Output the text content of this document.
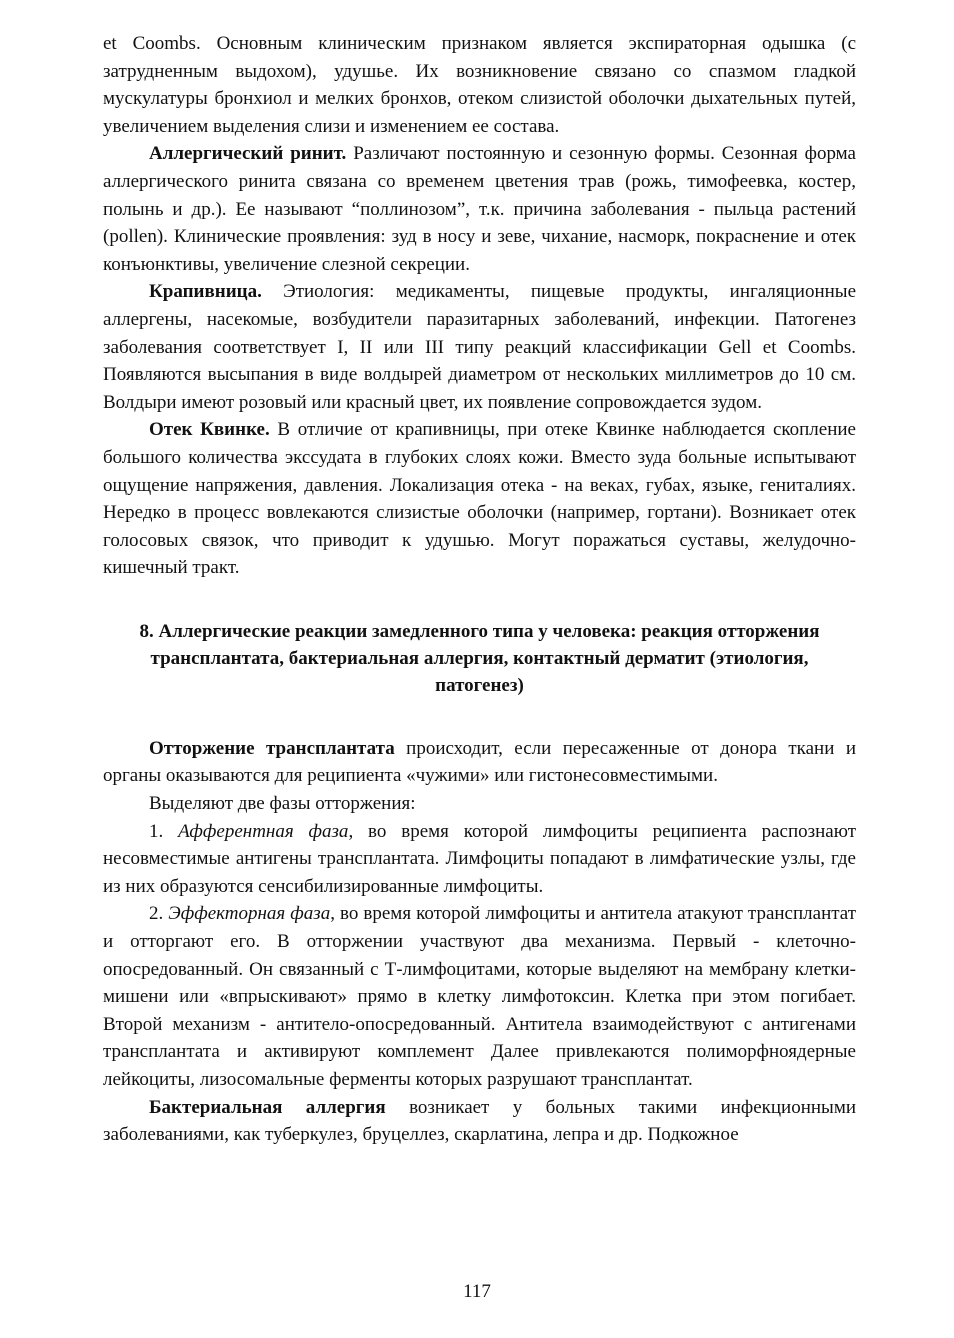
et Coombs. Основным клиническим признаком является экспираторная одышка (с затрудненным выдохом), удушье. Их возникновение связано со спазмом гладкой мускулатуры бронхиол и мелких бронхов, отеком слизистой оболочки дыхательных путей, увеличением выделения слизи и изменением ее состава.

Аллергический ринит. Различают постоянную и сезонную формы. Сезонная форма аллергического ринита связана со временем цветения трав (рожь, тимофеевка, костер, полынь и др.). Ее называют “поллинозом”, т.к. причина заболевания - пыльца растений (pollen). Клинические проявления: зуд в носу и зеве, чихание, насморк, покраснение и отек конъюнктивы, увеличение слезной секреции.

Крапивница. Этиология: медикаменты, пищевые продукты, ингаляционные аллергены, насекомые, возбудители паразитарных заболеваний, инфекции. Патогенез заболевания соответствует I, II или III типу реакций классификации Gell et Coombs. Появляются высыпания в виде волдырей диаметром от нескольких миллиметров до 10 см. Волдыри имеют розовый или красный цвет, их появление сопровождается зудом.

Отек Квинке. В отличие от крапивницы, при отеке Квинке наблюдается скопление большого количества экссудата в глубоких слоях кожи. Вместо зуда больные испытывают ощущение напряжения, давления. Локализация отека - на веках, губах, языке, гениталиях. Нередко в процесс вовлекаются слизистые оболочки (например, гортани). Возникает отек голосовых связок, что приводит к удушью. Могут поражаться суставы, желудочно-кишечный тракт.

8. Аллергические реакции замедленного типа у человека: реакция отторжения трансплантата, бактериальная аллергия, контактный дерматит (этиология, патогенез)

Отторжение трансплантата происходит, если пересаженные от донора ткани и органы оказываются для реципиента «чужими» или гистонесовместимыми.

Выделяют две фазы отторжения:

1. Афферентная фаза, во время которой лимфоциты реципиента распознают несовместимые антигены трансплантата. Лимфоциты попадают в лимфатические узлы, где из них образуются сенсибилизированные лимфоциты.

2. Эффекторная фаза, во время которой лимфоциты и антитела атакуют трансплантат и отторгают его. В отторжении участвуют два механизма. Первый - клеточно-опосредованный. Он связанный с Т-лимфоцитами, которые выделяют на мембрану клетки-мишени или «впрыскивают» прямо в клетку лимфотоксин. Клетка при этом погибает. Второй механизм - антитело-опосредованный. Антитела взаимодействуют с антигенами трансплантата и активируют комплемент Далее привлекаются полиморфноядерные лейкоциты, лизосомальные ферменты которых разрушают трансплантат.

Бактериальная аллергия возникает у больных такими инфекционными заболеваниями, как туберкулез, бруцеллез, скарлатина, лепра и др. Подкожное

117
